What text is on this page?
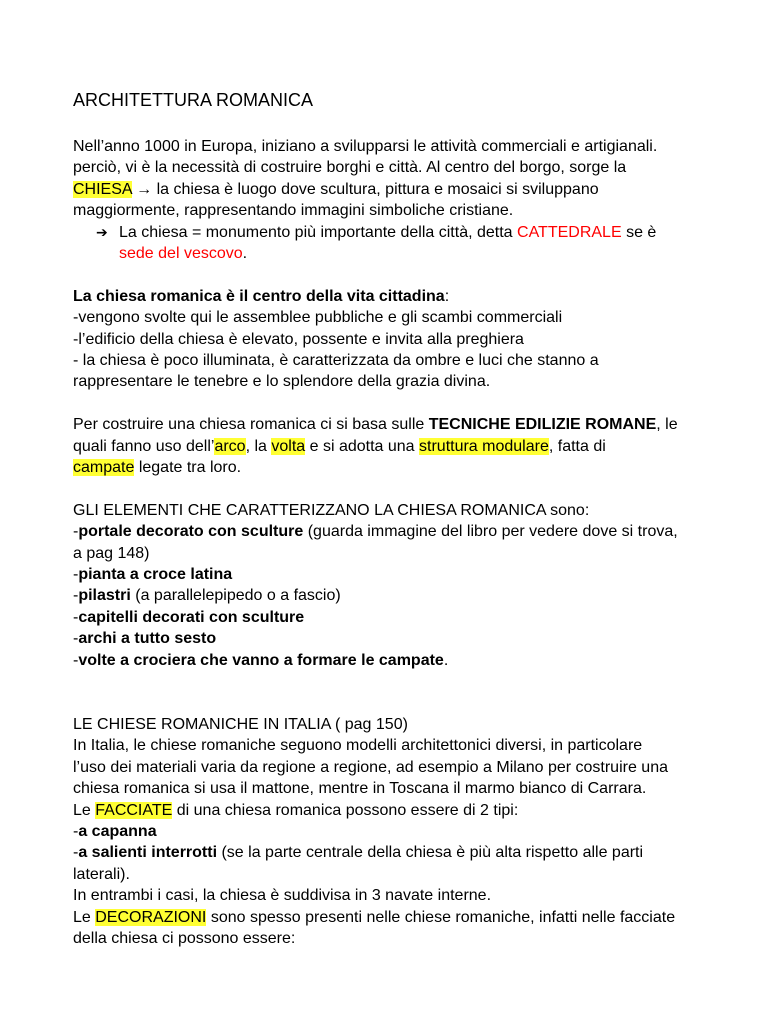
ARCHITETTURA ROMANICA

Nell’anno 1000 in Europa, iniziano a svilupparsi le attività commerciali e artigianali.

perciò, vi è la necessità di costruire borghi e città. Al centro del borgo, sorge la

CHIESA → la chiesa è luogo dove scultura, pittura e mosaici si sviluppano

maggiormente, rappresentando immagini simboliche cristiane.

➔ La chiesa = monumento più importante della città, detta CATTEDRALE se è
sede del vescovo.

La chiesa romanica è il centro della vita cittadina:

-vengono svolte qui le assemblee pubbliche e gli scambi commerciali

-l’edificio della chiesa è elevato, possente e invita alla preghiera

- la chiesa è poco illuminata, è caratterizzata da ombre e luci che stanno a

rappresentare le tenebre e lo splendore della grazia divina.

Per costruire una chiesa romanica ci si basa sulle TECNICHE EDILIZIE ROMANE, le

quali fanno uso dell’arco, la volta e si adotta una struttura modulare, fatta di

campate legate tra loro.

GLI ELEMENTI CHE CARATTERIZZANO LA CHIESA ROMANICA sono:

-portale decorato con sculture (guarda immagine del libro per vedere dove si trova,

a pag 148)

-pianta a croce latina

-pilastri (a parallelepipedo o a fascio)

-capitelli decorati con sculture

-archi a tutto sesto

-volte a crociera che vanno a formare le campate.

LE CHIESE ROMANICHE IN ITALIA ( pag 150)

In Italia, le chiese romaniche seguono modelli architettonici diversi, in particolare

l’uso dei materiali varia da regione a regione, ad esempio a Milano per costruire una

chiesa romanica si usa il mattone, mentre in Toscana il marmo bianco di Carrara.

Le FACCIATE di una chiesa romanica possono essere di 2 tipi:

-a capanna

-a salienti interrotti (se la parte centrale della chiesa è più alta rispetto alle parti

laterali).

In entrambi i casi, la chiesa è suddivisa in 3 navate interne.

Le DECORAZIONI sono spesso presenti nelle chiese romaniche, infatti nelle facciate

della chiesa ci possono essere:
